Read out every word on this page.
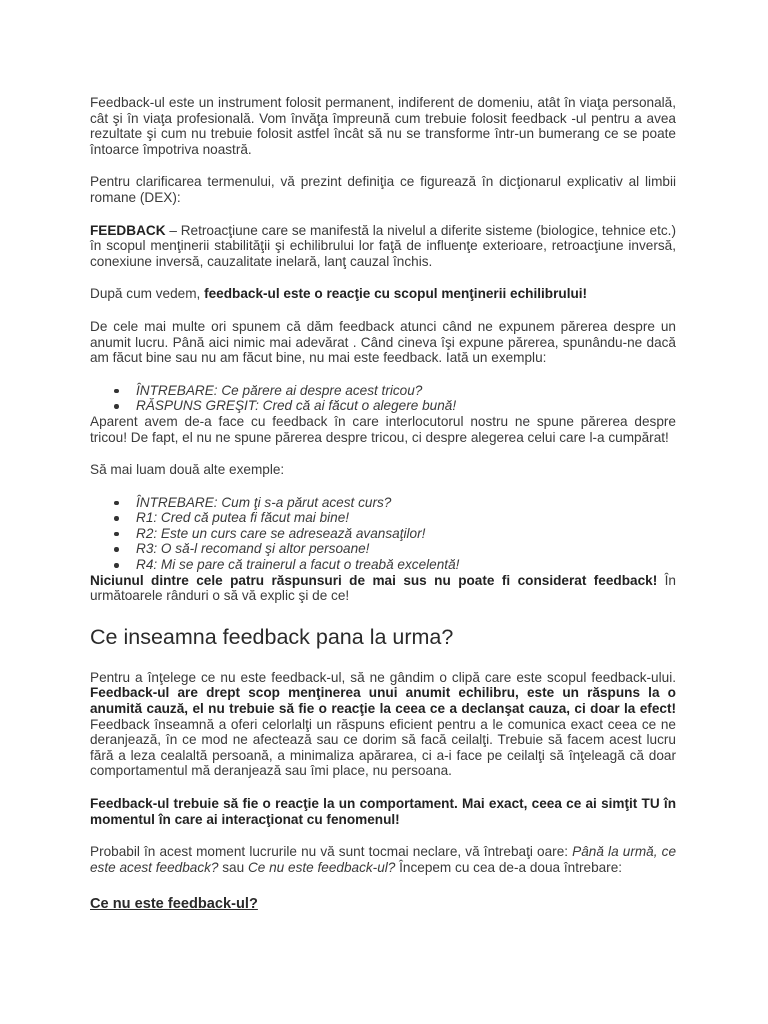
Feedback-ul este un instrument folosit permanent, indiferent de domeniu, atât în viaţa personală, cât şi în viaţa profesională. Vom învăţa împreună cum trebuie folosit feedback -ul pentru a avea rezultate şi cum nu trebuie folosit astfel încât să nu se transforme într-un bumerang ce se poate întoarce împotriva noastră.

Pentru clarificarea termenului, vă prezint definiţia ce figurează în dicţionarul explicativ al limbii romane (DEX):

FEEDBACK – Retroacţiune care se manifestă la nivelul a diferite sisteme (biologice, tehnice etc.) în scopul menţinerii stabilităţii şi echilibrului lor faţă de influenţe exterioare, retroacţiune inversă, conexiune inversă, cauzalitate inelară, lanţ cauzal închis.

După cum vedem, feedback-ul este o reacţie cu scopul menţinerii echilibrului!

De cele mai multe ori spunem că dăm feedback atunci când ne expunem părerea despre un anumit lucru. Până aici nimic mai adevărat . Când cineva îşi expune părerea, spunându-ne dacă am făcut bine sau nu am făcut bine, nu mai este feedback. Iată un exemplu:

ÎNTREBARE: Ce părere ai despre acest tricou?
RĂSPUNS GREŞIT: Cred că ai făcut o alegere bună!

Aparent avem de-a face cu feedback în care interlocutorul nostru ne spune părerea despre tricou! De fapt, el nu ne spune părerea despre tricou, ci despre alegerea celui care l-a cumpărat!

Să mai luam două alte exemple:

ÎNTREBARE: Cum ţi s-a părut acest curs?
R1: Cred că putea fi făcut mai bine!
R2: Este un curs care se adresează avansaţilor!
R3: O să-l recomand şi altor persoane!
R4: Mi se pare că trainerul a facut o treabă excelentă!

Niciunul dintre cele patru răspunsuri de mai sus nu poate fi considerat feedback! În următoarele rânduri o să vă explic şi de ce!

Ce inseamna feedback pana la urma?

Pentru a înţelege ce nu este feedback-ul, să ne gândim o clipă care este scopul feedback-ului. Feedback-ul are drept scop menţinerea unui anumit echilibru, este un răspuns la o anumită cauză, el nu trebuie să fie o reacţie la ceea ce a declanşat cauza, ci doar la efect! Feedback înseamnă a oferi celorlalţi un răspuns eficient pentru a le comunica exact ceea ce ne deranjează, în ce mod ne afectează sau ce dorim să facă ceilalţi. Trebuie să facem acest lucru fără a leza cealaltă persoană, a minimaliza apărarea, ci a-i face pe ceilalţi să înţeleagă că doar comportamentul mă deranjează sau îmi place, nu persoana.

Feedback-ul trebuie să fie o reacţie la un comportament. Mai exact, ceea ce ai simţit TU în momentul în care ai interacţionat cu fenomenul!

Probabil în acest moment lucrurile nu vă sunt tocmai neclare, vă întrebaţi oare: Până la urmă, ce este acest feedback? sau Ce nu este feedback-ul? Începem cu cea de-a doua întrebare:

Ce nu este feedback-ul?
